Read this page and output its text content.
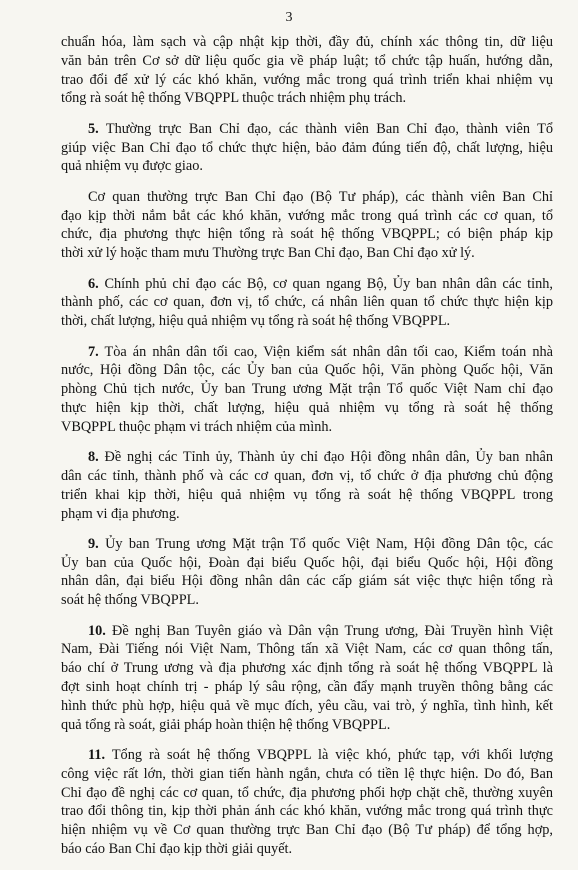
3
chuẩn hóa, làm sạch và cập nhật kịp thời, đầy đủ, chính xác thông tin, dữ liệu
văn bản trên Cơ sở dữ liệu quốc gia về pháp luật; tổ chức tập huấn, hướng dẫn,
trao đổi để xử lý các khó khăn, vướng mắc trong quá trình triển khai nhiệm vụ
tổng rà soát hệ thống VBQPPL thuộc trách nhiệm phụ trách.
5. Thường trực Ban Chỉ đạo, các thành viên Ban Chỉ đạo, thành viên Tổ
giúp việc Ban Chỉ đạo tổ chức thực hiện, bảo đảm đúng tiến độ, chất lượng, hiệu
quả nhiệm vụ được giao.
Cơ quan thường trực Ban Chỉ đạo (Bộ Tư pháp), các thành viên Ban Chỉ
đạo kịp thời nắm bắt các khó khăn, vướng mắc trong quá trình các cơ quan, tổ
chức, địa phương thực hiện tổng rà soát hệ thống VBQPPL; có biện pháp kịp
thời xử lý hoặc tham mưu Thường trực Ban Chỉ đạo, Ban Chỉ đạo xử lý.
6. Chính phủ chỉ đạo các Bộ, cơ quan ngang Bộ, Ủy ban nhân dân các tỉnh,
thành phố, các cơ quan, đơn vị, tổ chức, cá nhân liên quan tổ chức thực hiện kịp
thời, chất lượng, hiệu quả nhiệm vụ tổng rà soát hệ thống VBQPPL.
7. Tòa án nhân dân tối cao, Viện kiểm sát nhân dân tối cao, Kiểm toán nhà
nước, Hội đồng Dân tộc, các Ủy ban của Quốc hội, Văn phòng Quốc hội, Văn
phòng Chủ tịch nước, Ủy ban Trung ương Mặt trận Tổ quốc Việt Nam chỉ đạo
thực hiện kịp thời, chất lượng, hiệu quả nhiệm vụ tổng rà soát hệ thống
VBQPPL thuộc phạm vi trách nhiệm của mình.
8. Đề nghị các Tỉnh ủy, Thành ủy chỉ đạo Hội đồng nhân dân, Ủy ban nhân
dân các tỉnh, thành phố và các cơ quan, đơn vị, tổ chức ở địa phương chủ động
triển khai kịp thời, hiệu quả nhiệm vụ tổng rà soát hệ thống VBQPPL trong
phạm vi địa phương.
9. Ủy ban Trung ương Mặt trận Tổ quốc Việt Nam, Hội đồng Dân tộc, các
Ủy ban của Quốc hội, Đoàn đại biểu Quốc hội, đại biểu Quốc hội, Hội đồng
nhân dân, đại biểu Hội đồng nhân dân các cấp giám sát việc thực hiện tổng rà
soát hệ thống VBQPPL.
10. Đề nghị Ban Tuyên giáo và Dân vận Trung ương, Đài Truyền hình Việt
Nam, Đài Tiếng nói Việt Nam, Thông tấn xã Việt Nam, các cơ quan thông tấn,
báo chí ở Trung ương và địa phương xác định tổng rà soát hệ thống VBQPPL là
đợt sinh hoạt chính trị - pháp lý sâu rộng, cần đẩy mạnh truyền thông bằng các
hình thức phù hợp, hiệu quả về mục đích, yêu cầu, vai trò, ý nghĩa, tình hình, kết
quả tổng rà soát, giải pháp hoàn thiện hệ thống VBQPPL.
11. Tổng rà soát hệ thống VBQPPL là việc khó, phức tạp, với khối lượng
công việc rất lớn, thời gian tiến hành ngắn, chưa có tiền lệ thực hiện. Do đó, Ban
Chỉ đạo đề nghị các cơ quan, tổ chức, địa phương phối hợp chặt chẽ, thường xuyên
trao đổi thông tin, kịp thời phản ánh các khó khăn, vướng mắc trong quá trình thực
hiện nhiệm vụ về Cơ quan thường trực Ban Chỉ đạo (Bộ Tư pháp) để tổng hợp,
báo cáo Ban Chỉ đạo kịp thời giải quyết.
